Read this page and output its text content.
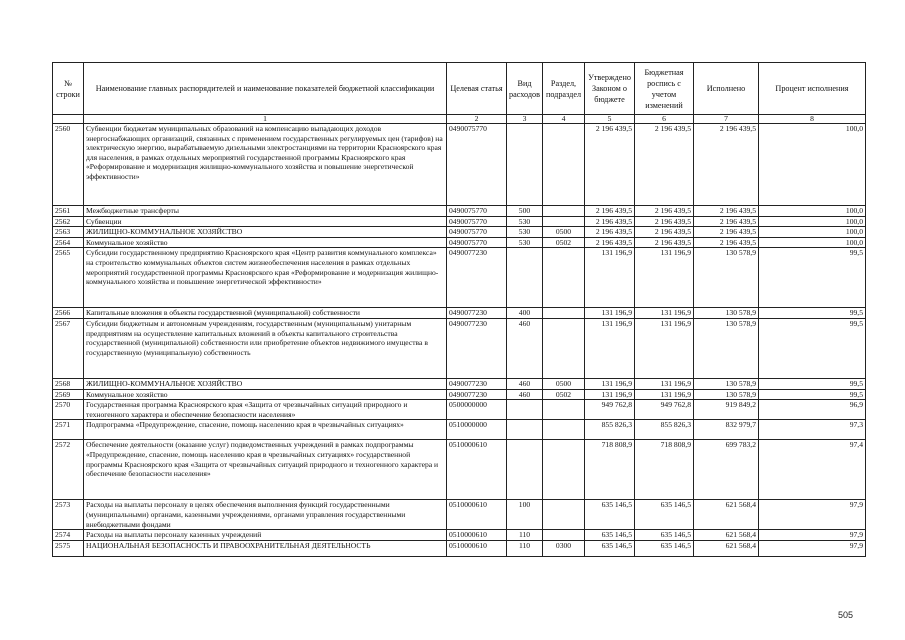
№ строки	Наименование главных распорядителей и наименование показателей бюджетной классификации	Целевая статья	Вид расходов	Раздел, подраздел	Утверждено Законом о бюджете	Бюджетная роспись с учетом изменений	Исполнено	Процент исполнения
	1	2	3	4	5	6	7	8
2560	Субвенции бюджетам муниципальных образований на компенсацию выпадающих доходов энергоснабжающих организаций, связанных с применением государственных регулируемых цен (тарифов) на электрическую энергию, вырабатываемую дизельными электростанциями на территории Красноярского края для населения, в рамках отдельных мероприятий государственной программы Красноярского края «Реформирование и модернизация жилищно-коммунального хозяйства и повышение энергетической эффективности»	0490075770			2 196 439,5	2 196 439,5	2 196 439,5	100,0
2561	Межбюджетные трансферты	0490075770	500		2 196 439,5	2 196 439,5	2 196 439,5	100,0
2562	Субвенции	0490075770	530		2 196 439,5	2 196 439,5	2 196 439,5	100,0
2563	ЖИЛИЩНО-КОММУНАЛЬНОЕ ХОЗЯЙСТВО	0490075770	530	0500	2 196 439,5	2 196 439,5	2 196 439,5	100,0
2564	Коммунальное хозяйство	0490075770	530	0502	2 196 439,5	2 196 439,5	2 196 439,5	100,0
2565	Субсидии государственному предприятию Красноярского края «Центр развития коммунального комплекса» на строительство коммунальных объектов систем жизнеобеспечения населения в рамках отдельных мероприятий государственной программы Красноярского края «Реформирование и модернизация жилищно-коммунального хозяйства и повышение энергетической эффективности»	0490077230			131 196,9	131 196,9	130 578,9	99,5
2566	Капитальные вложения в объекты государственной (муниципальной) собственности	0490077230	400		131 196,9	131 196,9	130 578,9	99,5
2567	Субсидии бюджетным и автономным учреждениям, государственным (муниципальным) унитарным предприятиям на осуществление капитальных вложений в объекты капитального строительства государственной (муниципальной) собственности или приобретение объектов недвижимого имущества в государственную (муниципальную) собственность	0490077230	460		131 196,9	131 196,9	130 578,9	99,5
2568	ЖИЛИЩНО-КОММУНАЛЬНОЕ ХОЗЯЙСТВО	0490077230	460	0500	131 196,9	131 196,9	130 578,9	99,5
2569	Коммунальное хозяйство	0490077230	460	0502	131 196,9	131 196,9	130 578,9	99,5
2570	Государственная программа Красноярского края «Защита от чрезвычайных ситуаций природного и техногенного характера и обеспечение безопасности населения»	0500000000			949 762,8	949 762,8	919 849,2	96,9
2571	Подпрограмма «Предупреждение, спасение, помощь населению края в чрезвычайных ситуациях»	0510000000			855 826,3	855 826,3	832 979,7	97,3
2572	Обеспечение деятельности (оказание услуг) подведомственных учреждений в рамках подпрограммы «Предупреждение, спасение, помощь населению края в чрезвычайных ситуациях» государственной программы Красноярского края «Защита от чрезвычайных ситуаций природного и техногенного характера и обеспечение безопасности населения»	0510000610			718 808,9	718 808,9	699 783,2	97,4
2573	Расходы на выплаты персоналу в целях обеспечения выполнения функций государственными (муниципальными) органами, казенными учреждениями, органами управления государственными внебюджетными фондами	0510000610	100		635 146,5	635 146,5	621 568,4	97,9
2574	Расходы на выплаты персоналу казенных учреждений	0510000610	110		635 146,5	635 146,5	621 568,4	97,9
2575	НАЦИОНАЛЬНАЯ БЕЗОПАСНОСТЬ И ПРАВООХРАНИТЕЛЬНАЯ ДЕЯТЕЛЬНОСТЬ	0510000610	110	0300	635 146,5	635 146,5	621 568,4	97,9
505
